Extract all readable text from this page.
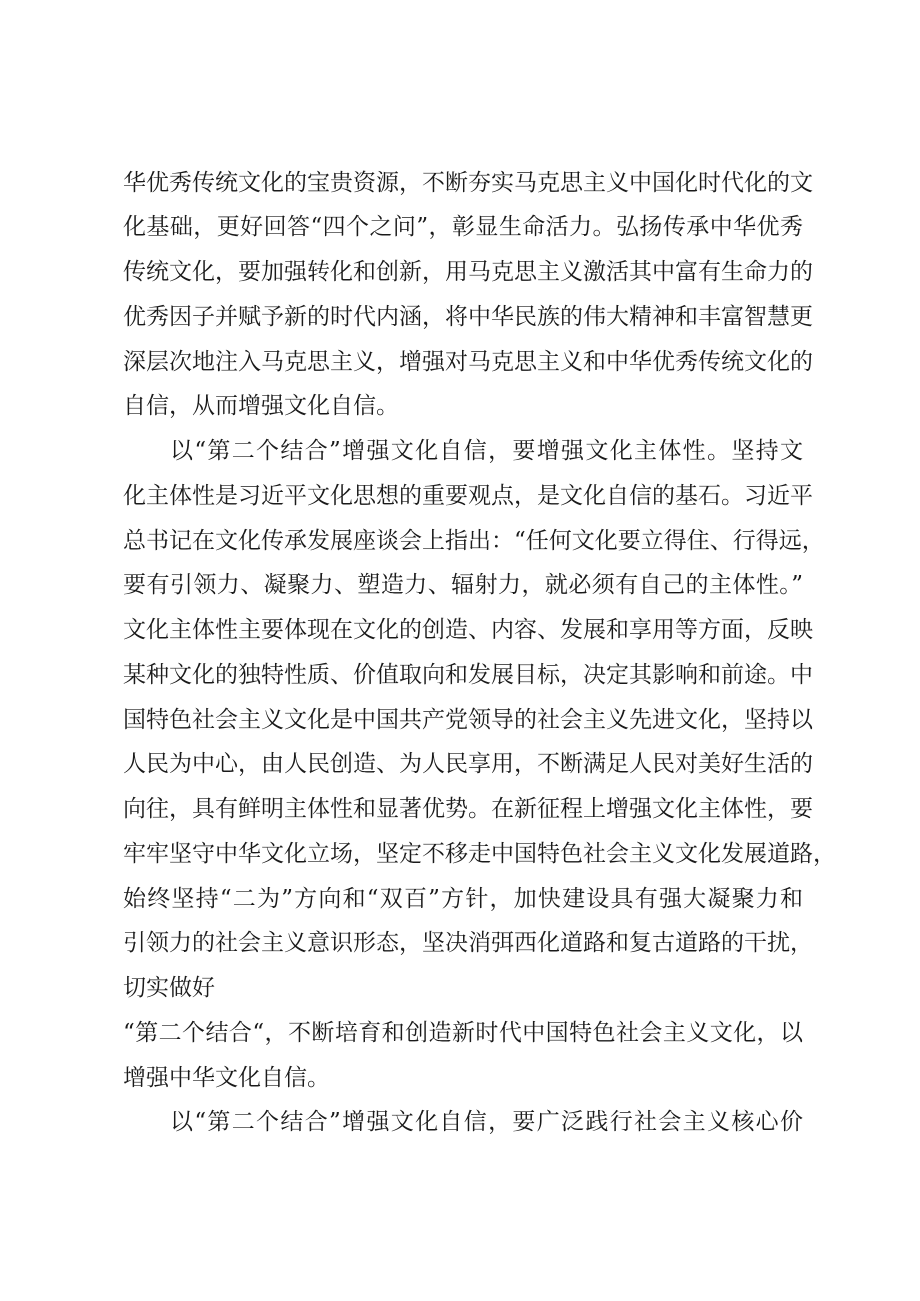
华优秀传统文化的宝贵资源，不断夯实马克思主义中国化时代化的文

化基础，更好回答“四个之问”，彰显生命活力。弘扬传承中华优秀

传统文化，要加强转化和创新，用马克思主义激活其中富有生命力的

优秀因子并赋予新的时代内涵，将中华民族的伟大精神和丰富智慧更

深层次地注入马克思主义，增强对马克思主义和中华优秀传统文化的

自信，从而增强文化自信。

以“第二个结合”增强文化自信，要增强文化主体性。坚持文

化主体性是习近平文化思想的重要观点，是文化自信的基石。习近平

总书记在文化传承发展座谈会上指出：“任何文化要立得住、行得远，

要有引领力、凝聚力、塑造力、辐射力，就必须有自己的主体性。”

文化主体性主要体现在文化的创造、内容、发展和享用等方面，反映

某种文化的独特性质、价值取向和发展目标，决定其影响和前途。中

国特色社会主义文化是中国共产党领导的社会主义先进文化，坚持以

人民为中心，由人民创造、为人民享用，不断满足人民对美好生活的

向往，具有鲜明主体性和显著优势。在新征程上增强文化主体性，要

牢牢坚守中华文化立场，坚定不移走中国特色社会主义文化发展道路，

始终坚持“二为”方向和“双百”方针，加快建设具有强大凝聚力和

引领力的社会主义意识形态，坚决消弭西化道路和复古道路的干扰，

切实做好

“第二个结合“，不断培育和创造新时代中国特色社会主义文化，以

增强中华文化自信。

以“第二个结合”增强文化自信，要广泛践行社会主义核心价
